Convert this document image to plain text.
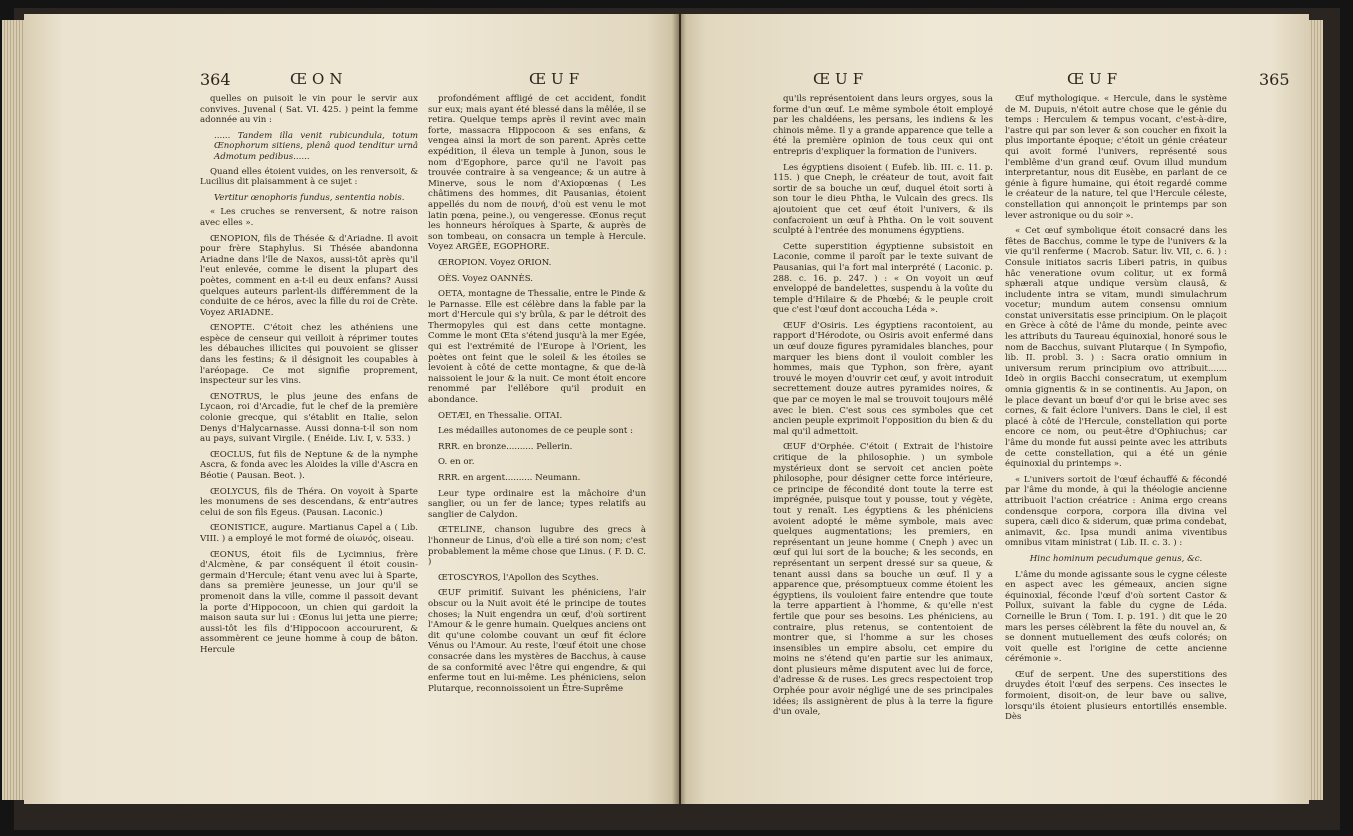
364	ŒON	ŒUF

quelles on puisoit le vin pour le servir aux convives. Juvenal ( Sat. VI. 425. ) peint la femme adonnée au vin :

...... Tandem illa venit rubicundula, totum Œnophorum sitiens, plenâ quod tenditur urnâ Admotum pedibus......

Quand elles étoient vuides, on les renversoit, & Lucilius dit plaisamment à ce sujet :

Vertitur œnophoris fundus, sententia nobis.

« Les cruches se renversent, & notre raison avec elles ».

ŒNOPION, fils de Thésée & d'Ariadne. Il avoit pour frère Staphylus. Si Thésée abandonna Ariadne dans l'île de Naxos, aussi-tôt après qu'il l'eut enlevée, comme le disent la plupart des poètes, comment en a-t-il eu deux enfans? Aussi quelques auteurs parlent-ils différemment de la conduite de ce héros, avec la fille du roi de Crète. Voyez ARIADNE.

ŒNOPTE. C'étoit chez les athéniens une espèce de censeur qui veilloit à réprimer toutes les débauches illicites qui pouvoient se glisser dans les festins; & il désignoit les coupables à l'aréopage. Ce mot signifie proprement, inspecteur sur les vins.

ŒNOTRUS, le plus jeune des enfans de Lycaon, roi d'Arcadie, fut le chef de la première colonie grecque, qui s'établit en Italie, selon Denys d'Halycarnasse. Aussi donna-t-il son nom au pays, suivant Virgile. ( Enéide. Liv. I, v. 533. )

ŒOCLUS, fut fils de Neptune & de la nymphe Ascra, & fonda avec les Aloides la ville d'Ascra en Béotie ( Pausan. Beot. ).

ŒOLYCUS, fils de Théra. On voyoit à Sparte les monumens de ses descendans, & entr'autres celui de son fils Egeus. (Pausan. Laconic.)

ŒONISTICE, augure. Martianus Capel a ( Lib. VIII. ) a employé le mot formé de οἰωνός, oiseau.

ŒONUS, étoit fils de Lycimnius, frère d'Alcmène, & par conséquent il étoit cousin-germain d'Hercule; étant venu avec lui à Sparte, dans sa première jeunesse, un jour qu'il se promenoit dans la ville, comme il passoit devant la porte d'Hippocoon, un chien qui gardoit la maison sauta sur lui : Œonus lui jetta une pierre; aussi-tôt les fils d'Hippocoon accoururent, & assommèrent ce jeune homme à coup de bâton. Hercule

profondément affligé de cet accident, fondit sur eux; mais ayant été blessé dans la mêlée, il se retira. Quelque temps après il revint avec main forte, massacra Hippocoon & ses enfans, & vengea ainsi la mort de son parent. Après cette expédition, il éleva un temple à Junon, sous le nom d'Egophore, parce qu'il ne l'avoit pas trouvée contraire à sa vengeance; & un autre à Minerve, sous le nom d'Axiopœnas ( Les châtimens des hommes, dit Pausanias, étoient appellés du nom de ποινή, d'où est venu le mot latin pœna, peine.), ou vengeresse. Œonus reçut les honneurs héroïques à Sparte, & auprès de son tombeau, on consacra un temple à Hercule. Voyez ARGÉE, EGOPHORE.

ŒROPION. Voyez ORION.

OÈS. Voyez OANNÈS.

OETA, montagne de Thessalie, entre le Pinde & le Parnasse. Elle est célèbre dans la fable par la mort d'Hercule qui s'y brûla, & par le détroit des Thermopyles qui est dans cette montagne. Comme le mont Œta s'étend jusqu'à la mer Egée, qui est l'extrémité de l'Europe à l'Orient, les poètes ont feint que le soleil & les étoiles se levoient à côté de cette montagne, & que de-là naissoient le jour & la nuit. Ce mont étoit encore renommé par l'ellébore qu'il produit en abondance.

OETÆI, en Thessalie. OITAI.

Les médailles autonomes de ce peuple sont :

RRR. en bronze.......... Pellerin.

O. en or.

RRR. en argent.......... Neumann.

Leur type ordinaire est la mâchoire d'un sanglier, ou un fer de lance; types relatifs au sanglier de Calydon.

ŒTELINE, chanson lugubre des grecs à l'honneur de Linus, d'où elle a tiré son nom; c'est probablement la même chose que Linus. ( F. D. C. )

ŒTOSCYROS, l'Apollon des Scythes.

ŒUF primitif. Suivant les phéniciens, l'air obscur ou la Nuit avoit été le principe de toutes choses; la Nuit engendra un œuf, d'où sortirent l'Amour & le genre humain. Quelques anciens ont dit qu'une colombe couvant un œuf fit éclore Vénus ou l'Amour. Au reste, l'œuf étoit une chose consacrée dans les mystères de Bacchus, à cause de sa conformité avec l'être qui engendre, & qui enferme tout en lui-même. Les phéniciens, selon Plutarque, reconnoissoient un Être-Suprême

ŒUF	ŒUF	365

qu'ils représentoient dans leurs orgyes, sous la forme d'un œuf. Le même symbole étoit employé par les chaldéens, les persans, les indiens & les chinois même. Il y a grande apparence que telle a été la première opinion de tous ceux qui ont entrepris d'expliquer la formation de l'univers.

Les égyptiens disoient ( Eufeb. lib. III. c. 11. p. 115. ) que Cneph, le créateur de tout, avoit fait sortir de sa bouche un œuf, duquel étoit sorti à son tour le dieu Phtha, le Vulcain des grecs. Ils ajoutoient que cet œuf étoit l'univers, & ils confacroient un œuf à Phtha. On le voit souvent sculpté à l'entrée des monumens égyptiens.

Cette superstition égyptienne subsistoit en Laconie, comme il paroît par le texte suivant de Pausanias, qui l'a fort mal interprété ( Laconic. p. 288. c. 16. p. 247. ) : « On voyoit un œuf enveloppé de bandelettes, suspendu à la voûte du temple d'Hilaire & de Phœbé; & le peuple croit que c'est l'œuf dont accoucha Léda ».

ŒUF d'Osiris. Les égyptiens racontoient, au rapport d'Hérodote, ou Osiris avoit enfermé dans un œuf douze figures pyramidales blanches, pour marquer les biens dont il vouloit combler les hommes, mais que Typhon, son frère, ayant trouvé le moyen d'ouvrir cet œuf, y avoit introduit secrettement douze autres pyramides noires, & que par ce moyen le mal se trouvoit toujours mêlé avec le bien. C'est sous ces symboles que cet ancien peuple exprimoit l'opposition du bien & du mal qu'il admettoit.

ŒUF d'Orphée. C'étoit ( Extrait de l'histoire critique de la philosophie. ) un symbole mystérieux dont se servoit cet ancien poète philosophe, pour désigner cette force intérieure, ce principe de fécondité dont toute la terre est imprégnée, puisque tout y pousse, tout y végète, tout y renaît. Les égyptiens & les phéniciens avoient adopté le même symbole, mais avec quelques augmentations; les premiers, en représentant un jeune homme ( Cneph ) avec un œuf qui lui sort de la bouche; & les seconds, en représentant un serpent dressé sur sa queue, & tenant aussi dans sa bouche un œuf. Il y a apparence que, présomptueux comme étoient les égyptiens, ils vouloient faire entendre que toute la terre appartient à l'homme, & qu'elle n'est fertile que pour ses besoins. Les phéniciens, au contraire, plus retenus, se contentoient de montrer que, si l'homme a sur les choses insensibles un empire absolu, cet empire du moins ne s'étend qu'en partie sur les animaux, dont plusieurs même disputent avec lui de force, d'adresse & de ruses. Les grecs respectoient trop Orphée pour avoir négligé une de ses principales idées; ils assignèrent de plus à la terre la figure d'un ovale,

Œuf mythologique. « Hercule, dans le système de M. Dupuis, n'étoit autre chose que le génie du temps : Herculem & tempus vocant, c'est-à-dire, l'astre qui par son lever & son coucher en fixoit la plus importante époque; c'étoit un génie créateur qui avoit formé l'univers, représenté sous l'emblême d'un grand œuf. Ovum illud mundum interpretantur, nous dit Eusèbe, en parlant de ce génie à figure humaine, qui étoit regardé comme le créateur de la nature, tel que l'Hercule céleste, constellation qui annonçoit le printemps par son lever astronique ou du soir ».

« Cet œuf symbolique étoit consacré dans les fêtes de Bacchus, comme le type de l'univers & la vie qu'il renferme ( Macrob. Satur. liv. VII, c. 6. ) : Consule initiatos sacris Liberi patris, in quibus hâc veneratione ovum colitur, ut ex formâ sphærali atque undique versùm clausâ, & includente intra se vitam, mundi simulachrum vocetur; mundum autem consensu omnium constat universitatis esse principium. On le plaçoit en Grèce à côté de l'âme du monde, peinte avec les attributs du Taureau équinoxial, honoré sous le nom de Bacchus, suivant Plutarque ( In Sympofio, lib. II. probl. 3. ) : Sacra oratio omnium in universum rerum principium ovo attribuit....... Ideò in orgiis Bacchi consecratum, ut exemplum omnia gignentis & in se continentis. Au Japon, on le place devant un bœuf d'or qui le brise avec ses cornes, & fait éclore l'univers. Dans le ciel, il est placé à côté de l'Hercule, constellation qui porte encore ce nom, ou peut-être d'Ophiuchus; car l'âme du monde fut aussi peinte avec les attributs de cette constellation, qui a été un génie équinoxial du printemps ».

« L'univers sortoit de l'œuf échauffé & fécondé par l'âme du monde, à qui la théologie ancienne attribuoit l'action créatrice : Anima ergo creans condensque corpora, corpora illa divina vel supera, cæli dico & siderum, quæ prima condebat, animavit, &c. Ipsa mundi anima viventibus omnibus vitam ministrat ( Lib. II. c. 3. ) :

Hinc hominum pecudumque genus, &c.

L'âme du monde agissante sous le cygne céleste en aspect avec les gémeaux, ancien signe équinoxial, féconde l'œuf d'où sortent Castor & Pollux, suivant la fable du cygne de Léda. Corneille le Brun ( Tom. I. p. 191. ) dit que le 20 mars les perses célèbrent la fête du nouvel an, & se donnent mutuellement des œufs colorés; on voit quelle est l'origine de cette ancienne cérémonie ».

Œuf de serpent. Une des superstitions des druydes étoit l'œuf des serpens. Ces insectes le formoient, disoit-on, de leur bave ou salive, lorsqu'ils étoient plusieurs entortillés ensemble. Dès
